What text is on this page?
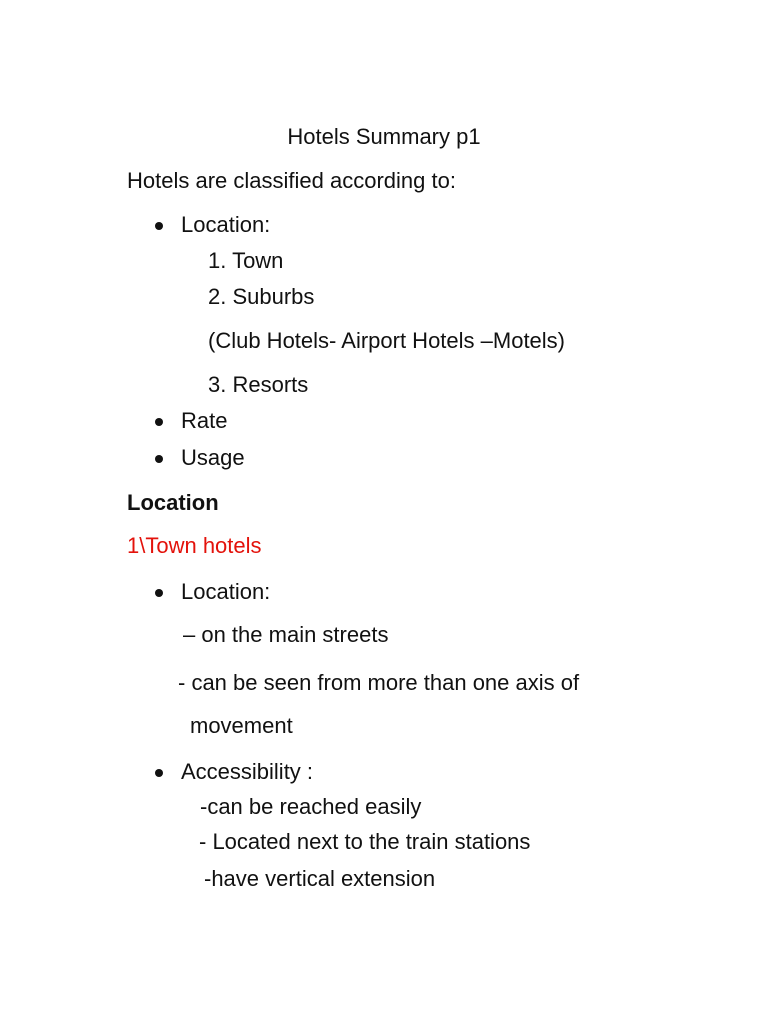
Hotels Summary p1
Hotels are classified according to:
Location:
1. Town
2. Suburbs
(Club Hotels- Airport Hotels –Motels)
3. Resorts
Rate
Usage
Location
1\Town hotels
Location:
– on the main streets
- can be seen from more than one axis of
movement
Accessibility :
-can be reached easily
- Located next to the train stations
-have vertical extension
